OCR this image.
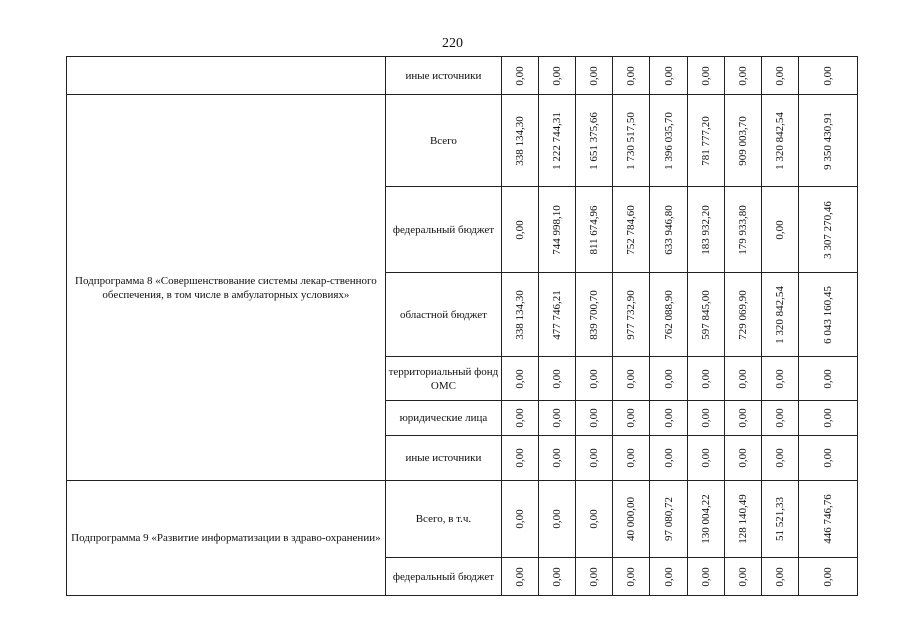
220
	иные источники	0,00	0,00	0,00	0,00	0,00	0,00	0,00	0,00	0,00

Подпрограмма 8 «Совершенствование системы лекар-ственного обеспечения, в том числе в амбулаторных условиях»	Всего	338 134,30	1 222 744,31	1 651 375,66	1 730 517,50	1 396 035,70	781 777,20	909 003,70	1 320 842,54	9 350 430,91

	федеральный бюджет	0,00	744 998,10	811 674,96	752 784,60	633 946,80	183 932,20	179 933,80	0,00	3 307 270,46

	областной бюджет	338 134,30	477 746,21	839 700,70	977 732,90	762 088,90	597 845,00	729 069,90	1 320 842,54	6 043 160,45

	территориальный фонд ОМС	0,00	0,00	0,00	0,00	0,00	0,00	0,00	0,00	0,00

	юридические лица	0,00	0,00	0,00	0,00	0,00	0,00	0,00	0,00	0,00

	иные источники	0,00	0,00	0,00	0,00	0,00	0,00	0,00	0,00	0,00

Подпрограмма 9 «Развитие информатизации в здраво-охранении»	Всего, в т.ч.	0,00	0,00	0,00	40 000,00	97 080,72	130 004,22	128 140,49	51 521,33	446 746,76

	федеральный бюджет	0,00	0,00	0,00	0,00	0,00	0,00	0,00	0,00	0,00
